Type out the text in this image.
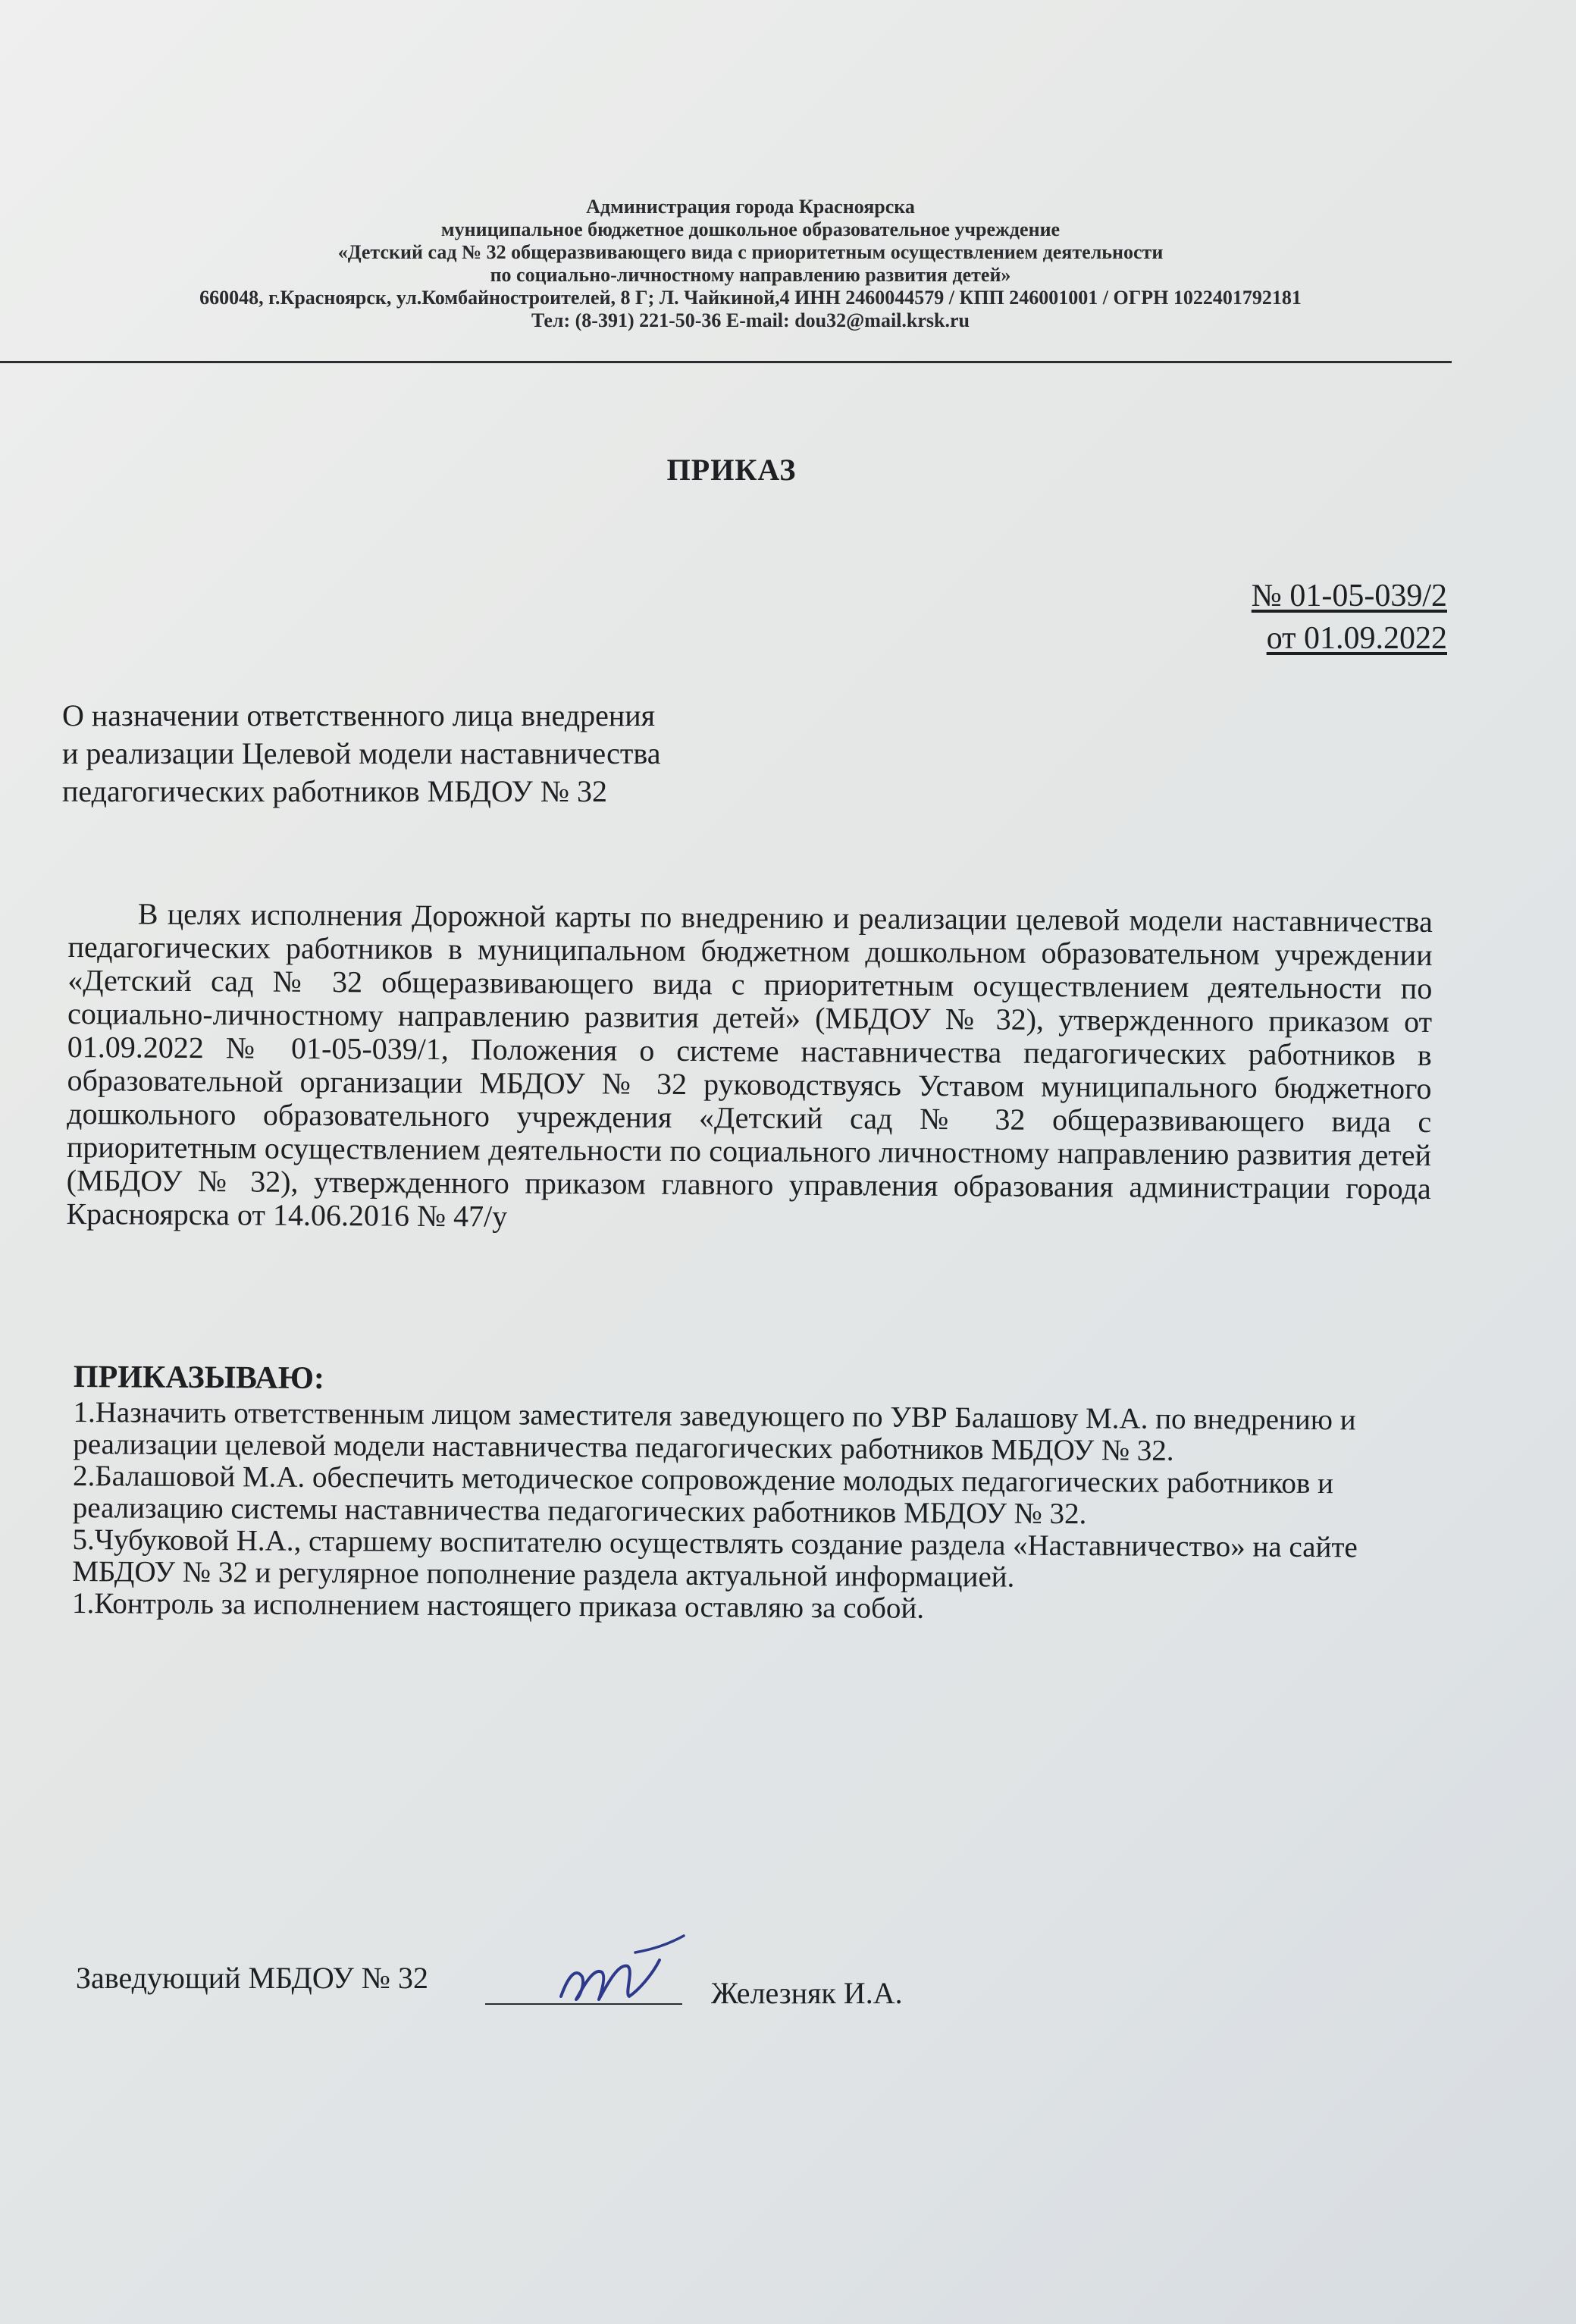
Администрация города Красноярска
муниципальное бюджетное дошкольное образовательное учреждение
«Детский сад № 32 общеразвивающего вида с приоритетным осуществлением деятельности
по социально-личностному направлению развития детей»
660048, г.Красноярск, ул.Комбайностроителей, 8 Г; Л. Чайкиной,4 ИНН 2460044579 / КПП 246001001 / ОГРН 1022401792181
Тел: (8-391) 221-50-36 E-mail: dou32@mail.krsk.ru
ПРИКАЗ
№ 01-05-039/2
от 01.09.2022
О назначении ответственного лица внедрения
и реализации Целевой модели наставничества
педагогических работников МБДОУ № 32
В целях исполнения Дорожной карты по внедрению и реализации целевой модели наставничества педагогических работников в муниципальном бюджетном дошкольном образовательном учреждении «Детский сад № 32 общеразвивающего вида с приоритетным осуществлением деятельности по социально-личностному направлению развития детей» (МБДОУ № 32), утвержденного приказом от 01.09.2022 № 01-05-039/1, Положения о системе наставничества педагогических работников в образовательной организации МБДОУ № 32 руководствуясь Уставом муниципального бюджетного дошкольного образовательного учреждения «Детский сад № 32 общеразвивающего вида с приоритетным осуществлением деятельности по социального личностному направлению развития детей (МБДОУ № 32), утвержденного приказом главного управления образования администрации города Красноярска от 14.06.2016 № 47/у
ПРИКАЗЫВАЮ:
1.Назначить ответственным лицом заместителя заведующего по УВР Балашову М.А. по внедрению и реализации целевой модели наставничества педагогических работников МБДОУ № 32.
2.Балашовой М.А. обеспечить методическое сопровождение молодых педагогических работников и реализацию системы наставничества педагогических работников МБДОУ № 32.
5.Чубуковой Н.А., старшему воспитателю осуществлять создание раздела «Наставничество» на сайте МБДОУ № 32 и регулярное пополнение раздела актуальной информацией.
1.Контроль за исполнением настоящего приказа оставляю за собой.
Заведующий МБДОУ № 32	Железняк И.А.
